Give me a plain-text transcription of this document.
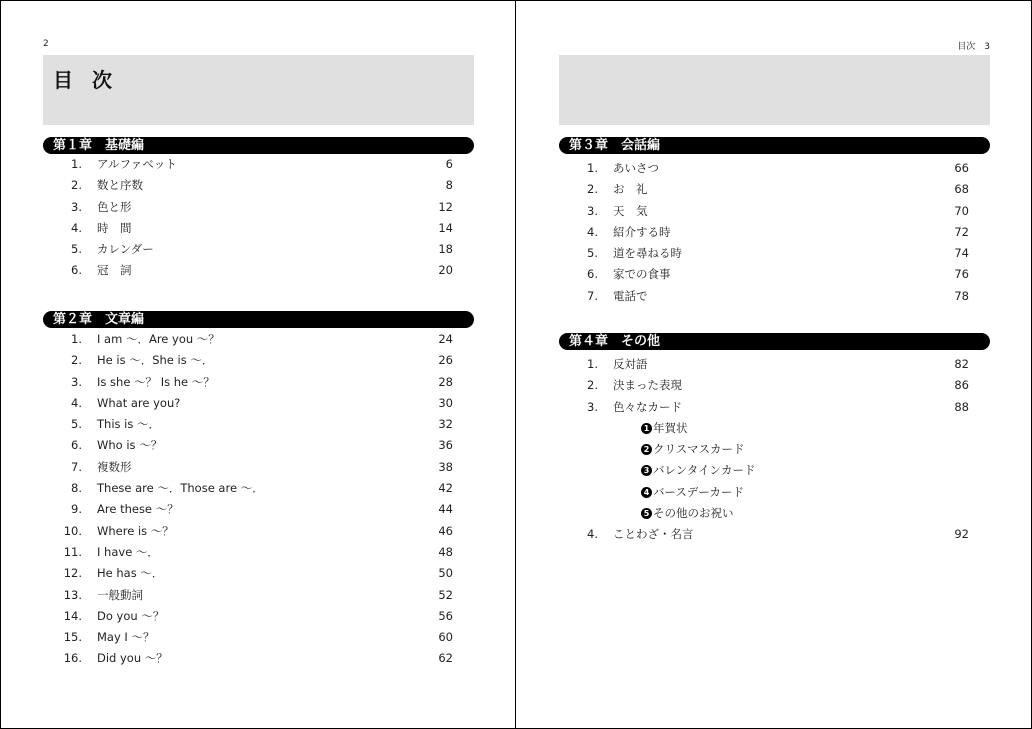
2
目 次
第１章　基礎編
1. アルファベット	6
2. 数と序数	8
3. 色と形	12
4. 時　間	14
5. カレンダー	18
6. 冠　詞	20
第２章　文章編
1. I am ～．Are you ～？	24
2. He is ～．She is ～．	26
3. Is she ～？ Is he ～？	28
4. What are you?	30
5. This is ～．	32
6. Who is ～？	36
7. 複数形	38
8. These are ～．Those are ～．	42
9. Are these ～？	44
10. Where is ～？	46
11. I have ～．	48
12. He has ～．	50
13. 一般動詞	52
14. Do you ～？	56
15. May I ～？	60
16. Did you ～？	62
目次　3
第３章　会話編
1. あいさつ	66
2. お　礼	68
3. 天　気	70
4. 紹介する時	72
5. 道を尋ねる時	74
6. 家での食事	76
7. 電話で	78
第４章　その他
1. 反対語	82
2. 決まった表現	86
3. 色々なカード	88
1 年賀状
2 クリスマスカード
3 バレンタインカード
4 バースデーカード
5 その他のお祝い
4. ことわざ・名言	92
